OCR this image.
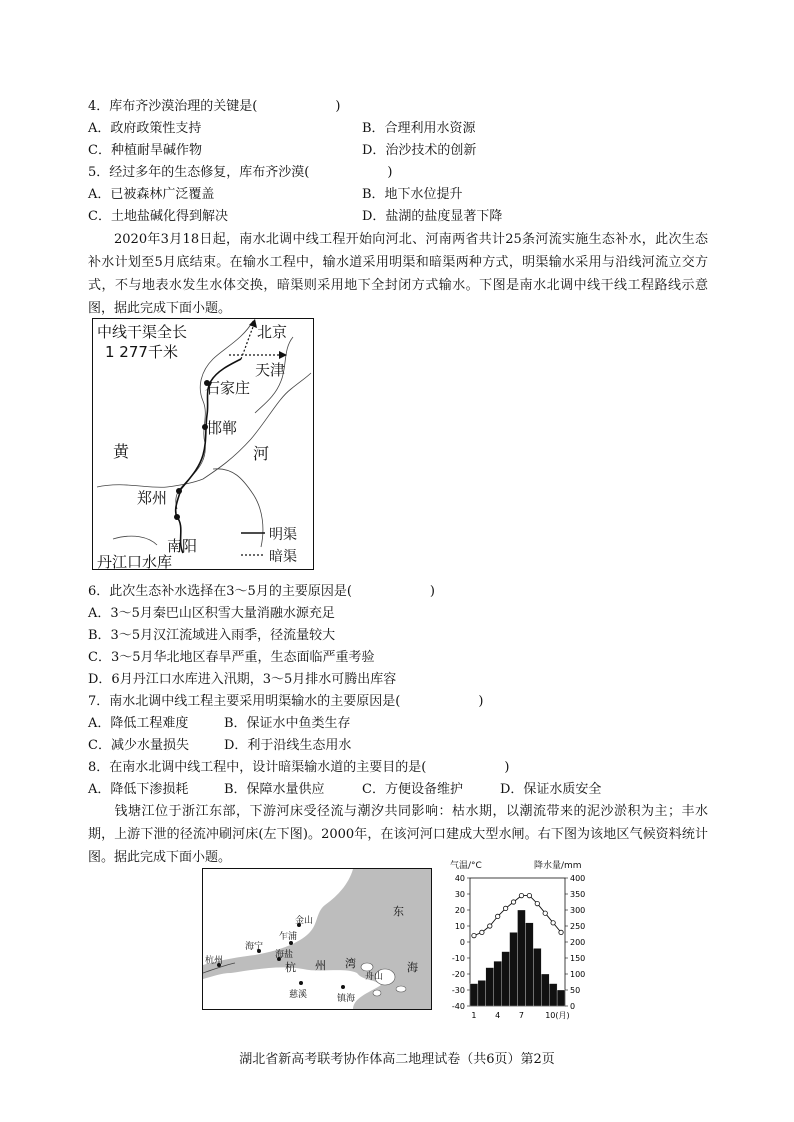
4．库布齐沙漠治理的关键是(　　　　　　)
A．政府政策性支持	B．合理利用水资源
C．种植耐旱碱作物	D．治沙技术的创新
5．经过多年的生态修复，库布齐沙漠(　　　　　　)
A．已被森林广泛覆盖	B．地下水位提升
C．土地盐碱化得到解决	D．盐湖的盐度显著下降
2020年3月18日起，南水北调中线工程开始向河北、河南两省共计25条河流实施生态补水，此次生态补水计划至5月底结束。在输水工程中，输水道采用明渠和暗渠两种方式，明渠输水采用与沿线河流立交方式，不与地表水发生水体交换，暗渠则采用地下全封闭方式输水。下图是南水北调中线干线工程路线示意图，据此完成下面小题。
中线干渠全长
1 277千米
北京
天津
石家庄
邯郸
黄	河
郑州
南阳
丹江口水库
明渠
暗渠
6．此次生态补水选择在3～5月的主要原因是(　　　　　　)
A．3～5月秦巴山区积雪大量消融水源充足
B．3～5月汉江流域进入雨季，径流量较大
C．3～5月华北地区春旱严重，生态面临严重考验
D．6月丹江口水库进入汛期，3～5月排水可腾出库容
7．南水北调中线工程主要采用明渠输水的主要原因是(　　　　　　)
A．降低工程难度	B．保证水中鱼类生存
C．减少水量损失	D．利于沿线生态用水
8．在南水北调中线工程中，设计暗渠输水道的主要目的是(　　　　　　)
A．降低下渗损耗	B．保障水量供应	C．方便设备维护	D．保证水质安全
钱塘江位于浙江东部，下游河床受径流与潮汐共同影响：枯水期，以潮流带来的泥沙淤积为主；丰水期，上游下泄的径流冲刷河床(左下图)。2000年，在该河河口建成大型水闸。右下图为该地区气候资料统计图。据此完成下面小题。
金山
乍浦
海宁
海盐
杭州
慈溪	镇海
舟山
杭 州 湾
东
海
气温/°C	降水量/mm
40
30
20
10
0
-10
-20
-30
-40
400
350
300
250
200
150
100
50
0
1 4 7	10(月)
湖北省新高考联考协作体高二地理试卷（共6页）第2页
